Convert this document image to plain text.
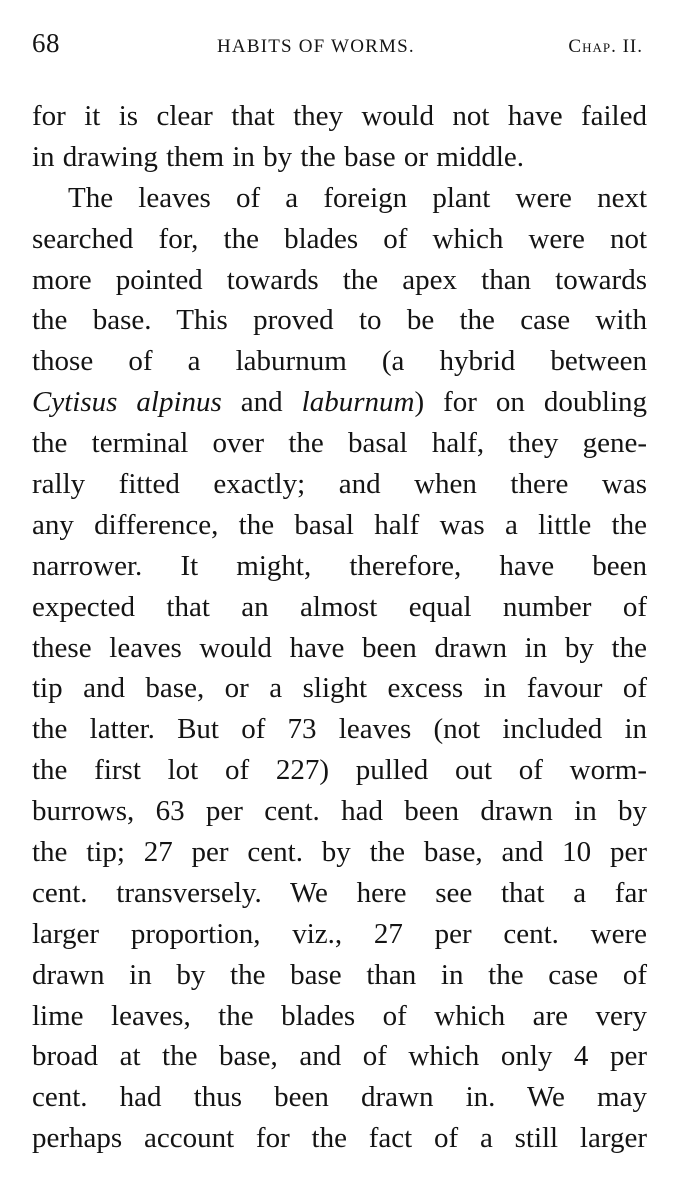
68	HABITS OF WORMS.	Chap. II.
for it is clear that they would not have failed
in drawing them in by the base or middle.
The leaves of a foreign plant were next
searched for, the blades of which were not
more pointed towards the apex than towards
the base. This proved to be the case with
those of a laburnum (a hybrid between
Cytisus alpinus and laburnum) for on doubling
the terminal over the basal half, they gene-
rally fitted exactly; and when there was
any difference, the basal half was a little the
narrower. It might, therefore, have been
expected that an almost equal number of
these leaves would have been drawn in by the
tip and base, or a slight excess in favour of
the latter. But of 73 leaves (not included in
the first lot of 227) pulled out of worm-
burrows, 63 per cent. had been drawn in by
the tip; 27 per cent. by the base, and 10 per
cent. transversely. We here see that a far
larger proportion, viz., 27 per cent. were
drawn in by the base than in the case of
lime leaves, the blades of which are very
broad at the base, and of which only 4 per
cent. had thus been drawn in. We may
perhaps account for the fact of a still larger
